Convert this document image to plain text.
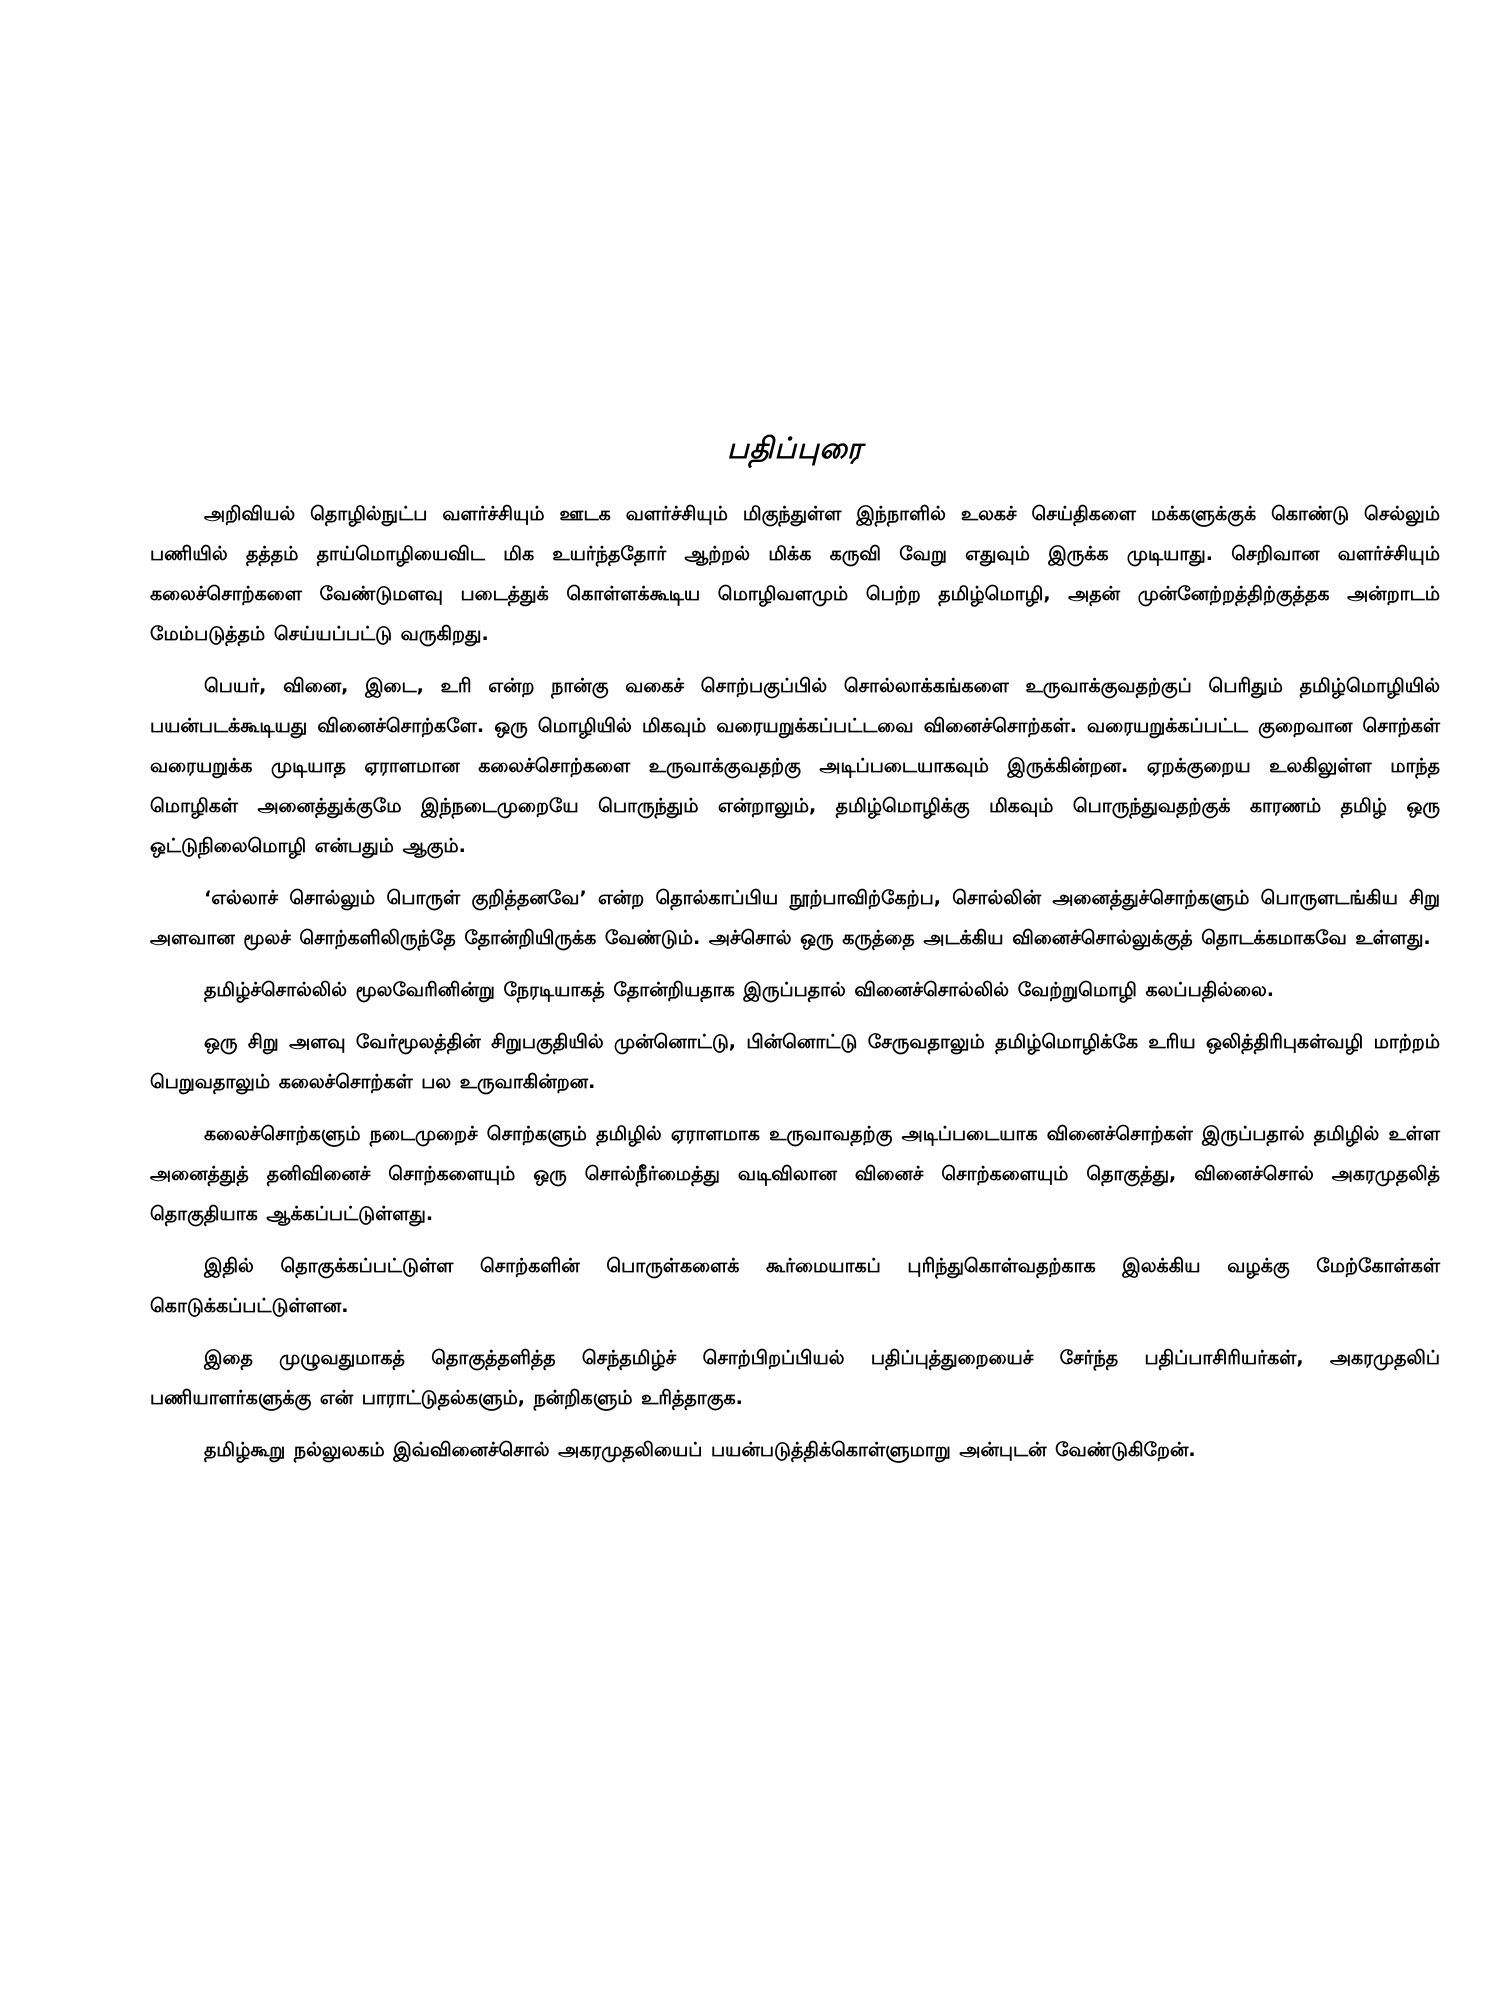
பதிப்புரை

அறிவியல் தொழில்நுட்ப வளர்ச்சியும் ஊடக வளர்ச்சியும் மிகுந்துள்ள இந்நாளில் உலகச் செய்திகளை மக்களுக்குக் கொண்டு செல்லும் பணியில் தத்தம் தாய்மொழியைவிட மிக உயர்ந்ததோர் ஆற்றல் மிக்க கருவி வேறு எதுவும் இருக்க முடியாது. செறிவான வளர்ச்சியும் கலைச்சொற்களை வேண்டுமளவு படைத்துக் கொள்ளக்கூடிய மொழிவளமும் பெற்ற தமிழ்மொழி, அதன் முன்னேற்றத்திற்குத்தக அன்றாடம் மேம்படுத்தம் செய்யப்பட்டு வருகிறது.

பெயர், வினை, இடை, உரி என்ற நான்கு வகைச் சொற்பகுப்பில் சொல்லாக்கங்களை உருவாக்குவதற்குப் பெரிதும் தமிழ்மொழியில் பயன்படக்கூடியது வினைச்சொற்களே. ஒரு மொழியில் மிகவும் வரையறுக்கப்பட்டவை வினைச்சொற்கள். வரையறுக்கப்பட்ட குறைவான சொற்கள் வரையறுக்க முடியாத ஏராளமான கலைச்சொற்களை உருவாக்குவதற்கு அடிப்படையாகவும் இருக்கின்றன. ஏறக்குறைய உலகிலுள்ள மாந்த மொழிகள் அனைத்துக்குமே இந்நடைமுறையே பொருந்தும் என்றாலும், தமிழ்மொழிக்கு மிகவும் பொருந்துவதற்குக் காரணம் தமிழ் ஒரு ஒட்டுநிலைமொழி என்பதும் ஆகும்.

‘எல்லாச் சொல்லும் பொருள் குறித்தனவே’ என்ற தொல்காப்பிய நூற்பாவிற்கேற்ப, சொல்லின் அனைத்துச்சொற்களும் பொருளடங்கிய சிறு அளவான மூலச் சொற்களிலிருந்தே தோன்றியிருக்க வேண்டும். அச்சொல் ஒரு கருத்தை அடக்கிய வினைச்சொல்லுக்குத் தொடக்கமாகவே உள்ளது.

தமிழ்ச்சொல்லில் மூலவேரினின்று நேரடியாகத் தோன்றியதாக இருப்பதால் வினைச்சொல்லில் வேற்றுமொழி கலப்பதில்லை.

ஒரு சிறு அளவு வேர்மூலத்தின் சிறுபகுதியில் முன்னொட்டு, பின்னொட்டு சேருவதாலும் தமிழ்மொழிக்கே உரிய ஒலித்திரிபுகள்வழி மாற்றம் பெறுவதாலும் கலைச்சொற்கள் பல உருவாகின்றன.

கலைச்சொற்களும் நடைமுறைச் சொற்களும் தமிழில் ஏராளமாக உருவாவதற்கு அடிப்படையாக வினைச்சொற்கள் இருப்பதால் தமிழில் உள்ள அனைத்துத் தனிவினைச் சொற்களையும் ஒரு சொல்நீர்மைத்து வடிவிலான வினைச் சொற்களையும் தொகுத்து, வினைச்சொல் அகரமுதலித் தொகுதியாக ஆக்கப்பட்டுள்ளது.

இதில் தொகுக்கப்பட்டுள்ள சொற்களின் பொருள்களைக் கூர்மையாகப் புரிந்துகொள்வதற்காக இலக்கிய வழக்கு மேற்கோள்கள் கொடுக்கப்பட்டுள்ளன.

இதை முழுவதுமாகத் தொகுத்தளித்த செந்தமிழ்ச் சொற்பிறப்பியல் பதிப்புத்துறையைச் சேர்ந்த பதிப்பாசிரியர்கள், அகரமுதலிப் பணியாளர்களுக்கு என் பாராட்டுதல்களும், நன்றிகளும் உரித்தாகுக.

தமிழ்கூறு நல்லுலகம் இவ்வினைச்சொல் அகரமுதலியைப் பயன்படுத்திக்கொள்ளுமாறு அன்புடன் வேண்டுகிறேன்.
